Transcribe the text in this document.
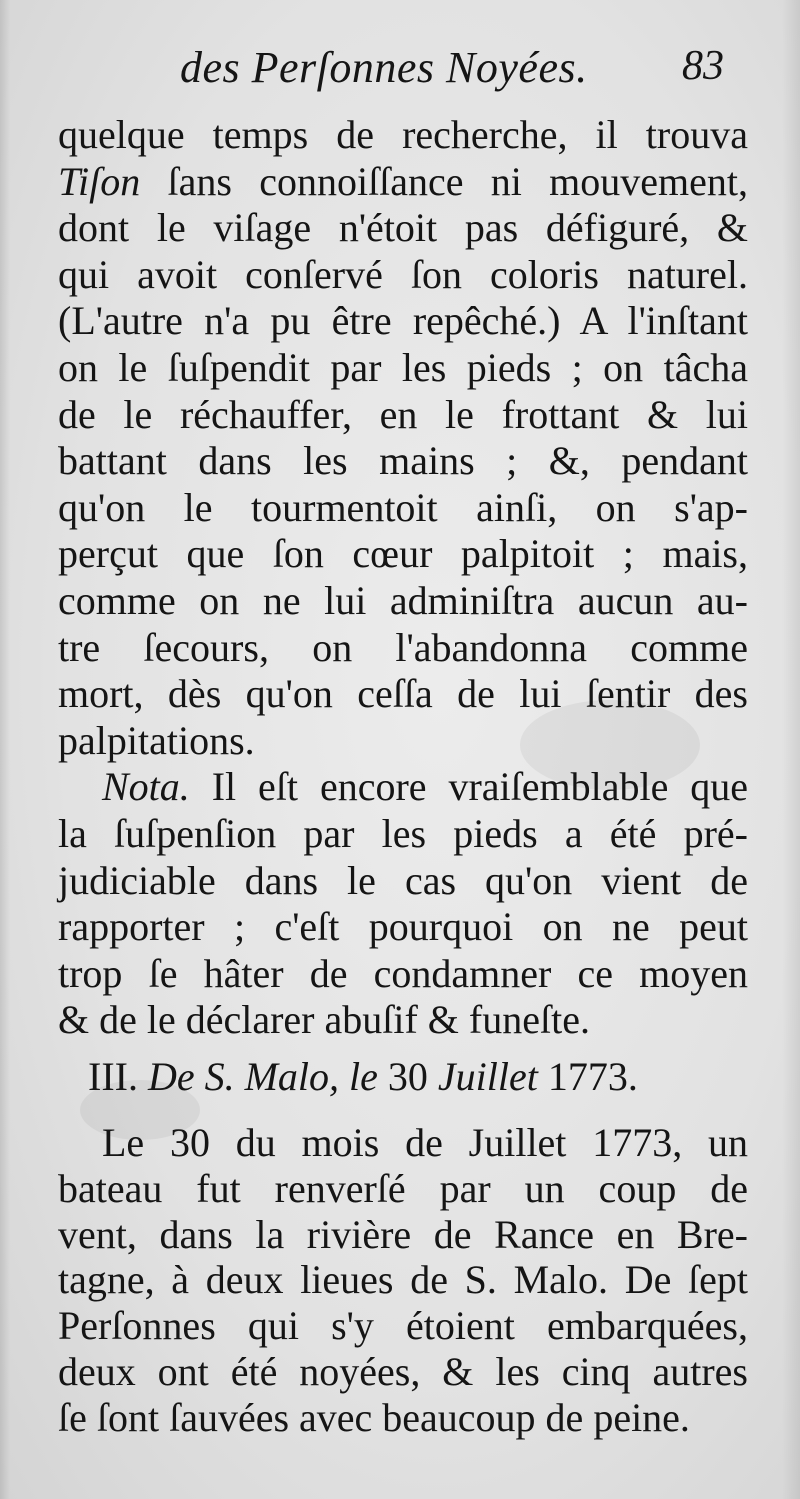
des Perſonnes Noyées. 83
quelque temps de recherche, il trouva
Tiſon ſans connoiſſance ni mouvement,
dont le viſage n'étoit pas défiguré, &
qui avoit conſervé ſon coloris naturel.
(L'autre n'a pu être repêché.) A l'inſtant
on le ſuſpendit par les pieds ; on tâcha
de le réchauffer, en le frottant & lui
battant dans les mains ; &, pendant
qu'on le tourmentoit ainſi, on s'ap-
perçut que ſon cœur palpitoit ; mais,
comme on ne lui adminiſtra aucun au-
tre ſecours, on l'abandonna comme
mort, dès qu'on ceſſa de lui ſentir des
palpitations.
Nota. Il eſt encore vraiſemblable que
la ſuſpenſion par les pieds a été pré-
judiciable dans le cas qu'on vient de
rapporter ; c'eſt pourquoi on ne peut
trop ſe hâter de condamner ce moyen
& de le déclarer abuſif & funeſte.
III. De S. Malo, le 30 Juillet 1773.
Le 30 du mois de Juillet 1773, un
bateau fut renverſé par un coup de
vent, dans la rivière de Rance en Bre-
tagne, à deux lieues de S. Malo. De ſept
Perſonnes qui s'y étoient embarquées,
deux ont été noyées, & les cinq autres
ſe ſont ſauvées avec beaucoup de peine.
